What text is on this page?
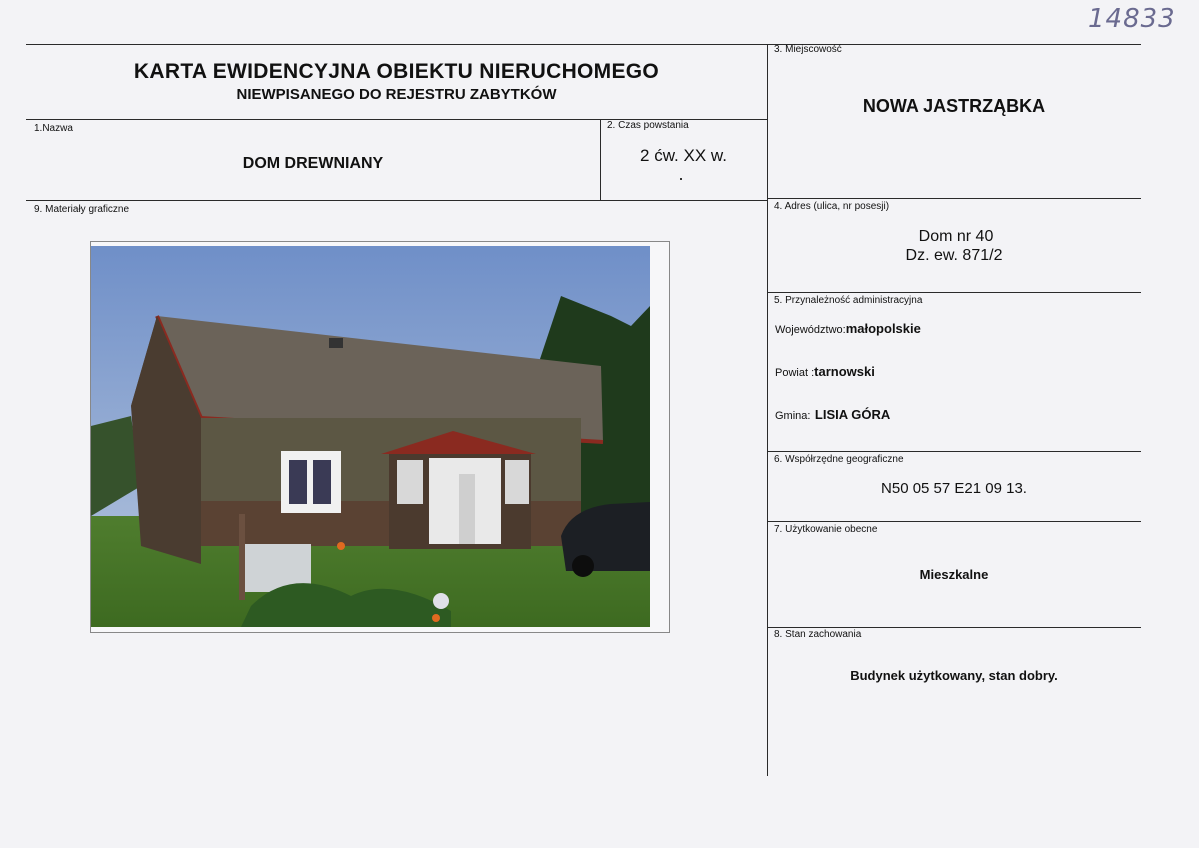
14833
KARTA EWIDENCYJNA OBIEKTU NIERUCHOMEGO
NIEWPISANEGO DO REJESTRU ZABYTKÓW
1.Nazwa
DOM DREWNIANY
2. Czas powstania
2 ćw. XX w.
3. Miejscowość
NOWA JASTRZĄBKA
4. Adres (ulica, nr posesji)
Dom nr 40
Dz. ew. 871/2
5. Przynależność administracyjna
Województwo:małopolskie
Powiat :tarnowski
Gmina: LISIA GÓRA
6. Współrzędne geograficzne
N50 05 57 E21 09 13.
7. Użytkowanie obecne
Mieszkalne
8. Stan zachowania
Budynek użytkowany, stan dobry.
9. Materiały graficzne
